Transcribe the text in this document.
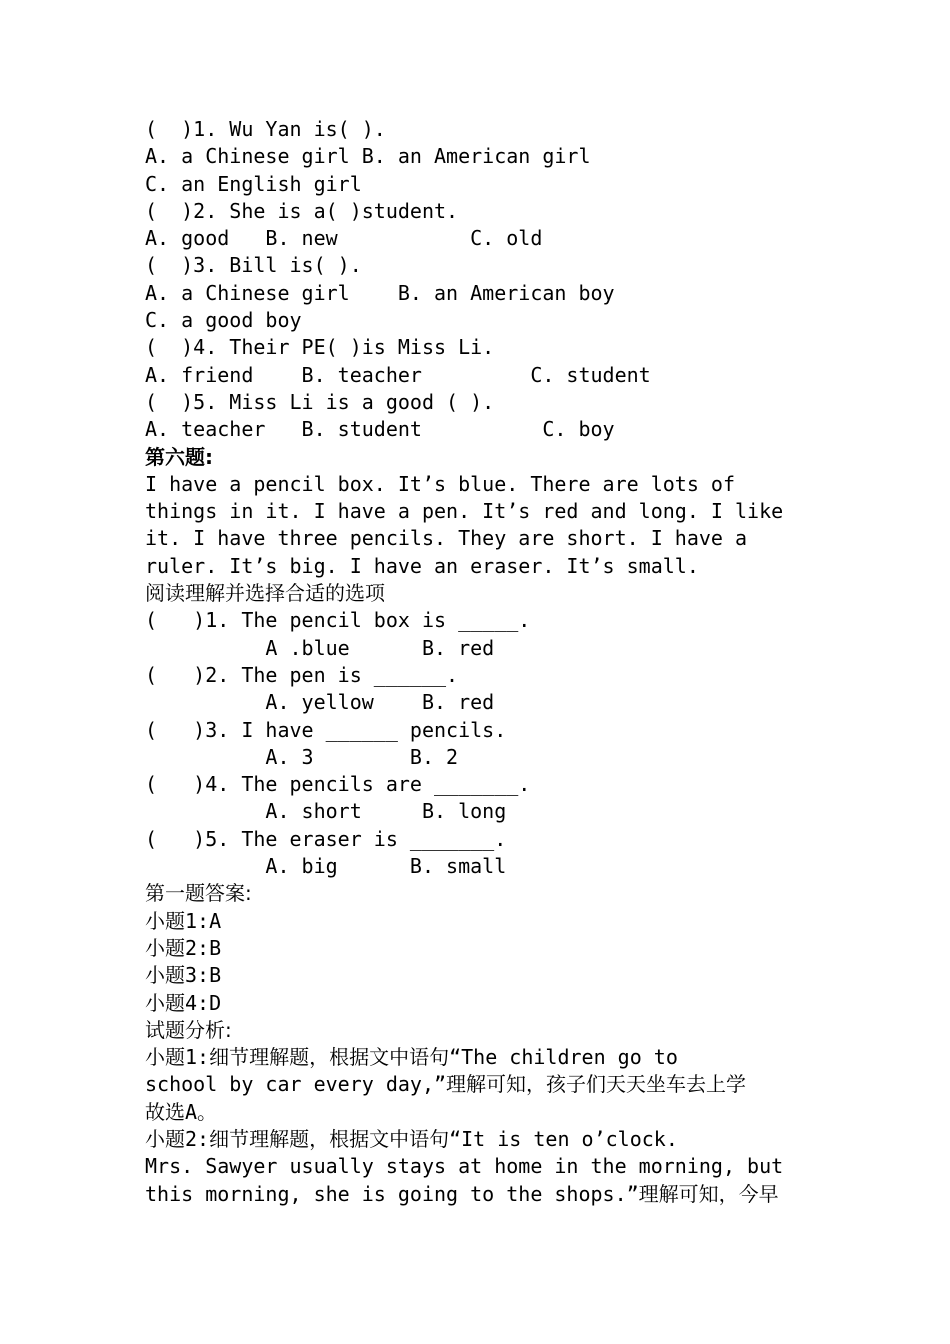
(  )1. Wu Yan is( ).
A. a Chinese girl B. an American girl
C. an English girl
(  )2. She is a( )student.
A. good   B. new           C. old
(  )3. Bill is( ).
A. a Chinese girl    B. an American boy
C. a good boy
(  )4. Their PE( )is Miss Li.
A. friend    B. teacher         C. student
(  )5. Miss Li is a good ( ).
A. teacher   B. student          C. boy
第六题:
I have a pencil box. It’s blue. There are lots of
things in it. I have a pen. It’s red and long. I like
it. I have three pencils. They are short. I have a
ruler. It’s big. I have an eraser. It’s small.
阅读理解并选择合适的选项
(   )1. The pencil box is _____.
A .blue      B. red
(   )2. The pen is ______.
A. yellow    B. red
(   )3. I have ______ pencils.
A. 3        B. 2
(   )4. The pencils are _______.
A. short     B. long
(   )5. The eraser is _______.
A. big      B. small
第一题答案:
小题1:A
小题2:B
小题3:B
小题4:D
试题分析:
小题1:细节理解题，根据文中语句“The children go to
school by car every day,”理解可知，孩子们天天坐车去上学
故选A。
小题2:细节理解题，根据文中语句“It is ten o’clock.
Mrs. Sawyer usually stays at home in the morning, but
this morning, she is going to the shops.”理解可知，今早
